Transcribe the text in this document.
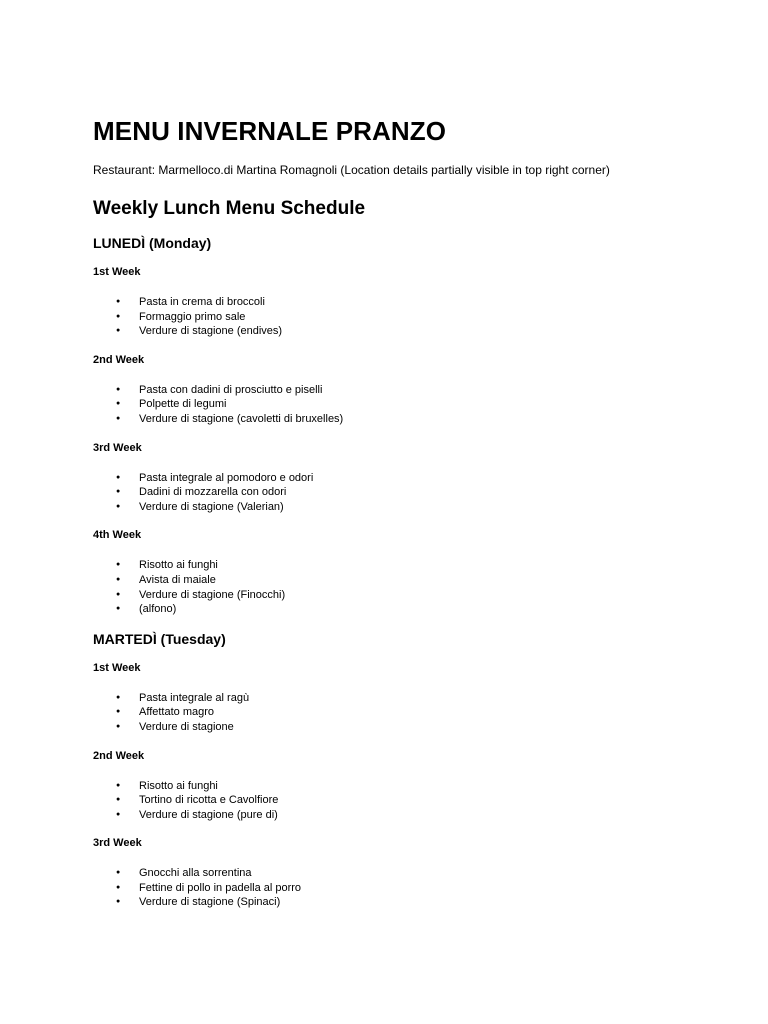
MENU INVERNALE PRANZO

Restaurant: Marmelloco.di Martina Romagnoli (Location details partially visible in top right corner)

Weekly Lunch Menu Schedule
LUNEDÌ (Monday)
1st Week
● Pasta in crema di broccoli
● Formaggio primo sale
● Verdure di stagione (endives)
2nd Week
● Pasta con dadini di prosciutto e piselli
● Polpette di legumi
● Verdure di stagione (cavoletti di bruxelles)
3rd Week
● Pasta integrale al pomodoro e odori
● Dadini di mozzarella con odori
● Verdure di stagione (Valerian)
4th Week
● Risotto ai funghi
● Avista di maiale
● Verdure di stagione (Finocchi)
● (alfono)
MARTEDÌ (Tuesday)
1st Week
● Pasta integrale al ragù
● Affettato magro
● Verdure di stagione
2nd Week
● Risotto ai funghi
● Tortino di ricotta e Cavolfiore
● Verdure di stagione (pure di)
3rd Week
● Gnocchi alla sorrentina
● Fettine di pollo in padella al porro
● Verdure di stagione (Spinaci)
